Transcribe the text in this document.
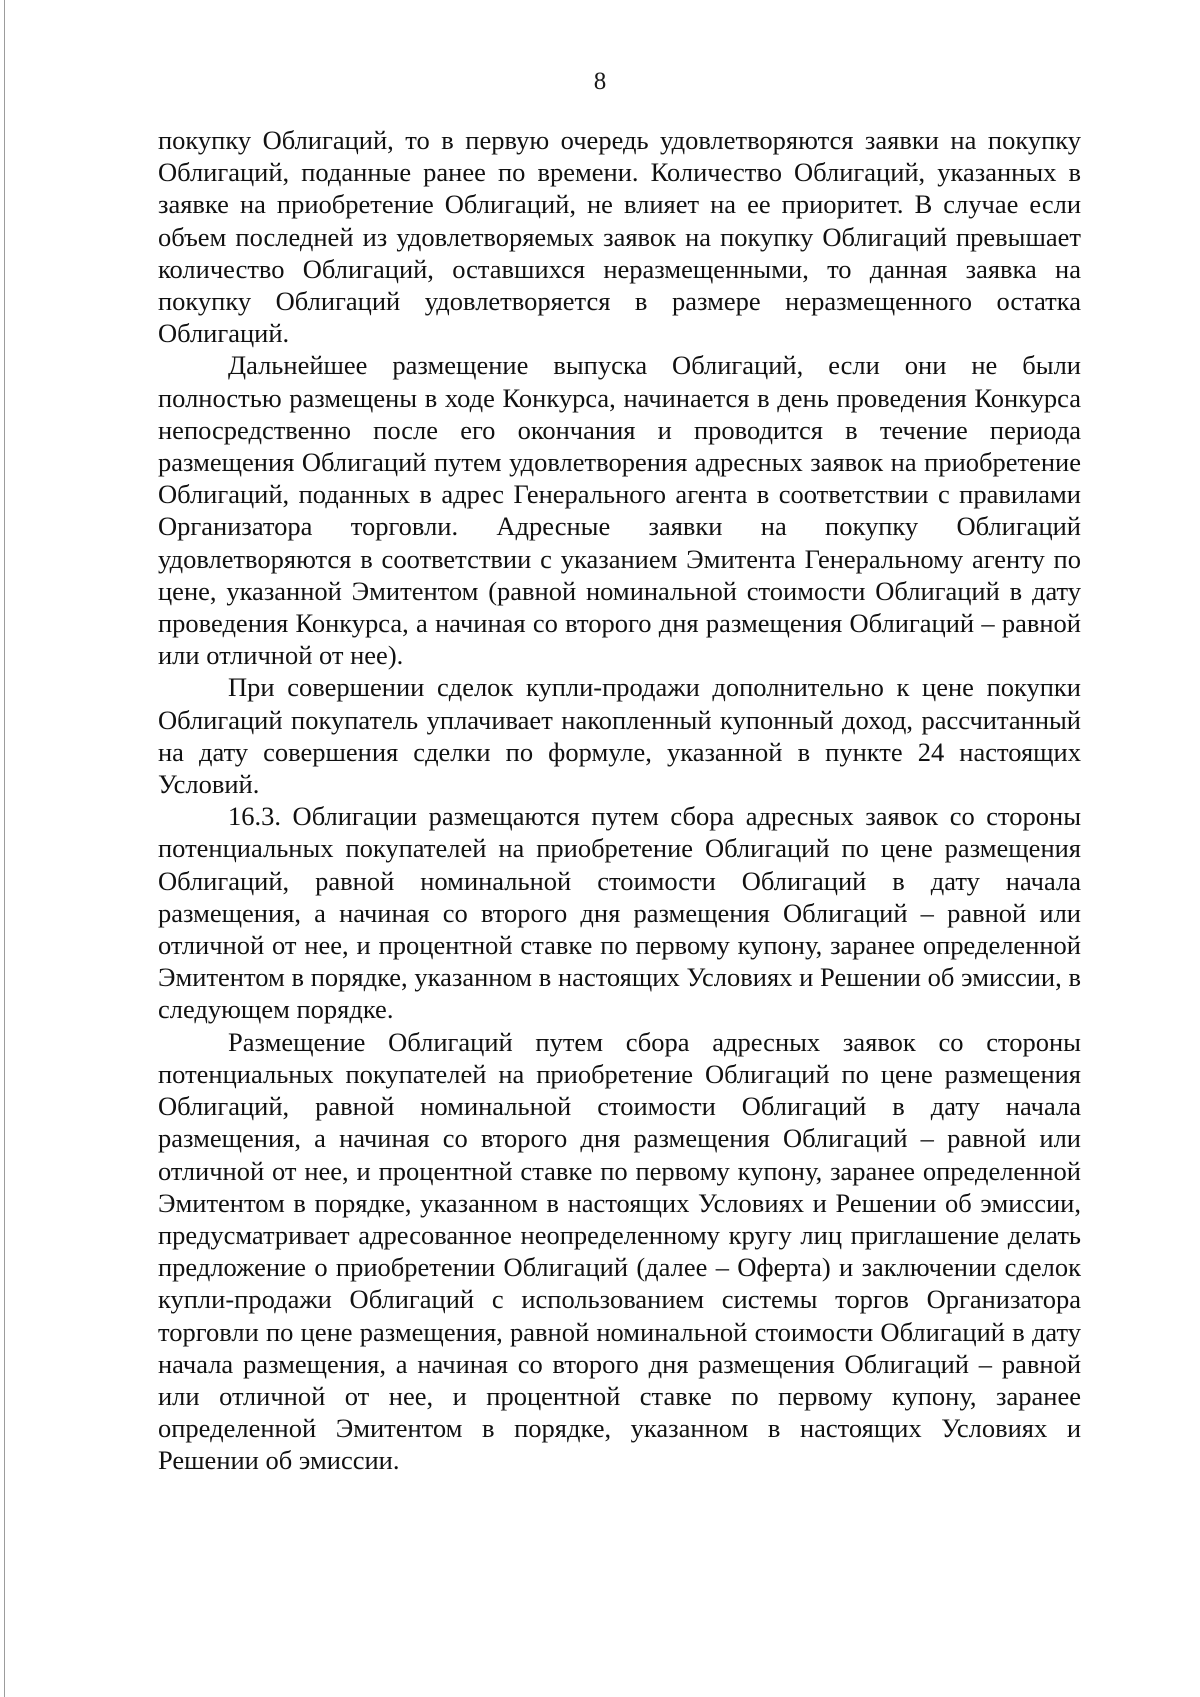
8

покупку Облигаций, то в первую очередь удовлетворяются заявки на покупку Облигаций, поданные ранее по времени. Количество Облигаций, указанных в заявке на приобретение Облигаций, не влияет на ее приоритет. В случае если объем последней из удовлетворяемых заявок на покупку Облигаций превышает количество Облигаций, оставшихся неразмещенными, то данная заявка на покупку Облигаций удовлетворяется в размере неразмещенного остатка Облигаций.

Дальнейшее размещение выпуска Облигаций, если они не были полностью размещены в ходе Конкурса, начинается в день проведения Конкурса непосредственно после его окончания и проводится в течение периода размещения Облигаций путем удовлетворения адресных заявок на приобретение Облигаций, поданных в адрес Генерального агента в соответствии с правилами Организатора торговли. Адресные заявки на покупку Облигаций удовлетворяются в соответствии с указанием Эмитента Генеральному агенту по цене, указанной Эмитентом (равной номинальной стоимости Облигаций в дату проведения Конкурса, а начиная со второго дня размещения Облигаций – равной или отличной от нее).

При совершении сделок купли-продажи дополнительно к цене покупки Облигаций покупатель уплачивает накопленный купонный доход, рассчитанный на дату совершения сделки по формуле, указанной в пункте 24 настоящих Условий.

16.3. Облигации размещаются путем сбора адресных заявок со стороны потенциальных покупателей на приобретение Облигаций по цене размещения Облигаций, равной номинальной стоимости Облигаций в дату начала размещения, а начиная со второго дня размещения Облигаций – равной или отличной от нее, и процентной ставке по первому купону, заранее определенной Эмитентом в порядке, указанном в настоящих Условиях и Решении об эмиссии, в следующем порядке.

Размещение Облигаций путем сбора адресных заявок со стороны потенциальных покупателей на приобретение Облигаций по цене размещения Облигаций, равной номинальной стоимости Облигаций в дату начала размещения, а начиная со второго дня размещения Облигаций – равной или отличной от нее, и процентной ставке по первому купону, заранее определенной Эмитентом в порядке, указанном в настоящих Условиях и Решении об эмиссии, предусматривает адресованное неопределенному кругу лиц приглашение делать предложение о приобретении Облигаций (далее – Оферта) и заключении сделок купли-продажи Облигаций с использованием системы торгов Организатора торговли по цене размещения, равной номинальной стоимости Облигаций в дату начала размещения, а начиная со второго дня размещения Облигаций – равной или отличной от нее, и процентной ставке по первому купону, заранее определенной Эмитентом в порядке, указанном в настоящих Условиях и Решении об эмиссии.
